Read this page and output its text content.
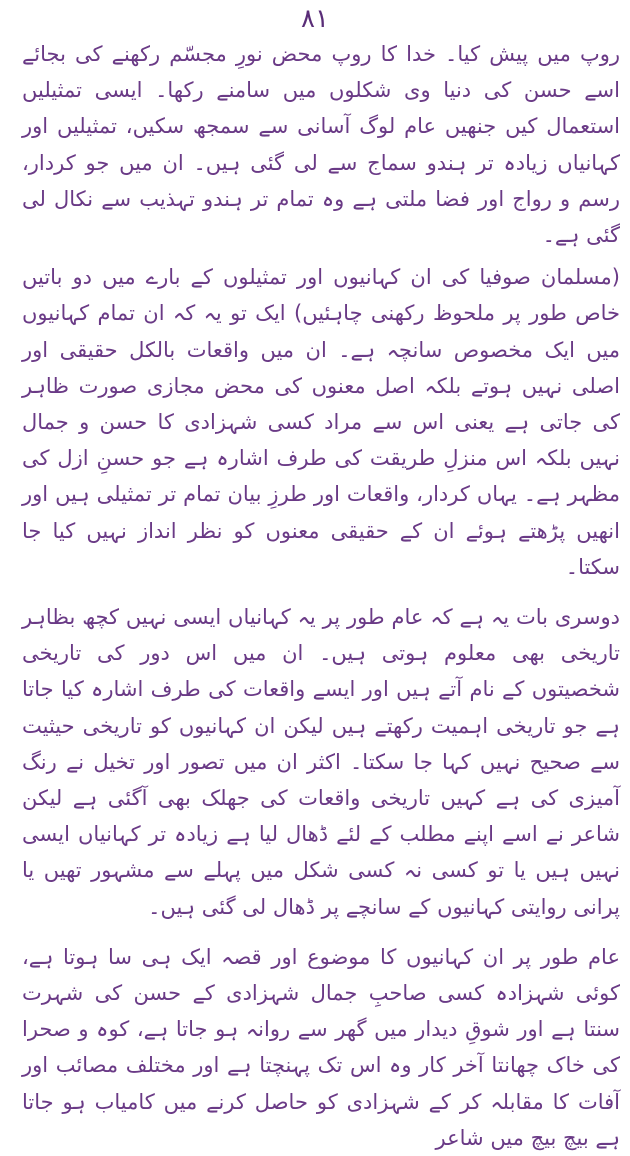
۸۱

روپ میں پیش کیا۔ خدا کا روپ محض نورِ مجسّم رکھنے کی بجائے اسے حسن کی دنیا وی شکلوں میں سامنے رکھا۔ ایسی تمثیلیں استعمال کیں جنھیں عام لوگ آسانی سے سمجھ سکیں، تمثیلیں اور کہانیاں زیادہ تر ہندو سماج سے لی گئی ہیں۔ ان میں جو کردار، رسم و رواج اور فضا ملتی ہے وہ تمام تر ہندو تہذیب سے نکال لی گئی ہے۔

(مسلمان صوفیا کی ان کہانیوں اور تمثیلوں کے بارے میں دو باتیں خاص طور پر ملحوظ رکھنی چاہئیں) ایک تو یہ کہ ان تمام کہانیوں میں ایک مخصوص سانچہ ہے۔ ان میں واقعات بالکل حقیقی اور اصلی نہیں ہوتے بلکہ اصل معنوں کی محض مجازی صورت ظاہر کی جاتی ہے یعنی اس سے مراد کسی شہزادی کا حسن و جمال نہیں بلکہ اس منزلِ طریقت کی طرف اشارہ ہے جو حسنِ ازل کی مظہر ہے۔ یہاں کردار، واقعات اور طرزِ بیان تمام تر تمثیلی ہیں اور انھیں پڑھتے ہوئے ان کے حقیقی معنوں کو نظر انداز نہیں کیا جا سکتا۔

دوسری بات یہ ہے کہ عام طور پر یہ کہانیاں ایسی نہیں کچھ بظاہر تاریخی بھی معلوم ہوتی ہیں۔ ان میں اس دور کی تاریخی شخصیتوں کے نام آتے ہیں اور ایسے واقعات کی طرف اشارہ کیا جاتا ہے جو تاریخی اہمیت رکھتے ہیں لیکن ان کہانیوں کو تاریخی حیثیت سے صحیح نہیں کہا جا سکتا۔ اکثر ان میں تصور اور تخیل نے رنگ آمیزی کی ہے کہیں تاریخی واقعات کی جھلک بھی آگئی ہے لیکن شاعر نے اسے اپنے مطلب کے لئے ڈھال لیا ہے زیادہ تر کہانیاں ایسی نہیں ہیں یا تو کسی نہ کسی شکل میں پہلے سے مشہور تھیں یا پرانی روایتی کہانیوں کے سانچے پر ڈھال لی گئی ہیں۔

عام طور پر ان کہانیوں کا موضوع اور قصہ ایک ہی سا ہوتا ہے، کوئی شہزادہ کسی صاحبِ جمال شہزادی کے حسن کی شہرت سنتا ہے اور شوقِ دیدار میں گھر سے روانہ ہو جاتا ہے، کوہ و صحرا کی خاک چھانتا آخر کار وہ اس تک پہنچتا ہے اور مختلف مصائب اور آفات کا مقابلہ کر کے شہزادی کو حاصل کرنے میں کامیاب ہو جاتا ہے بیچ بیچ میں شاعر
